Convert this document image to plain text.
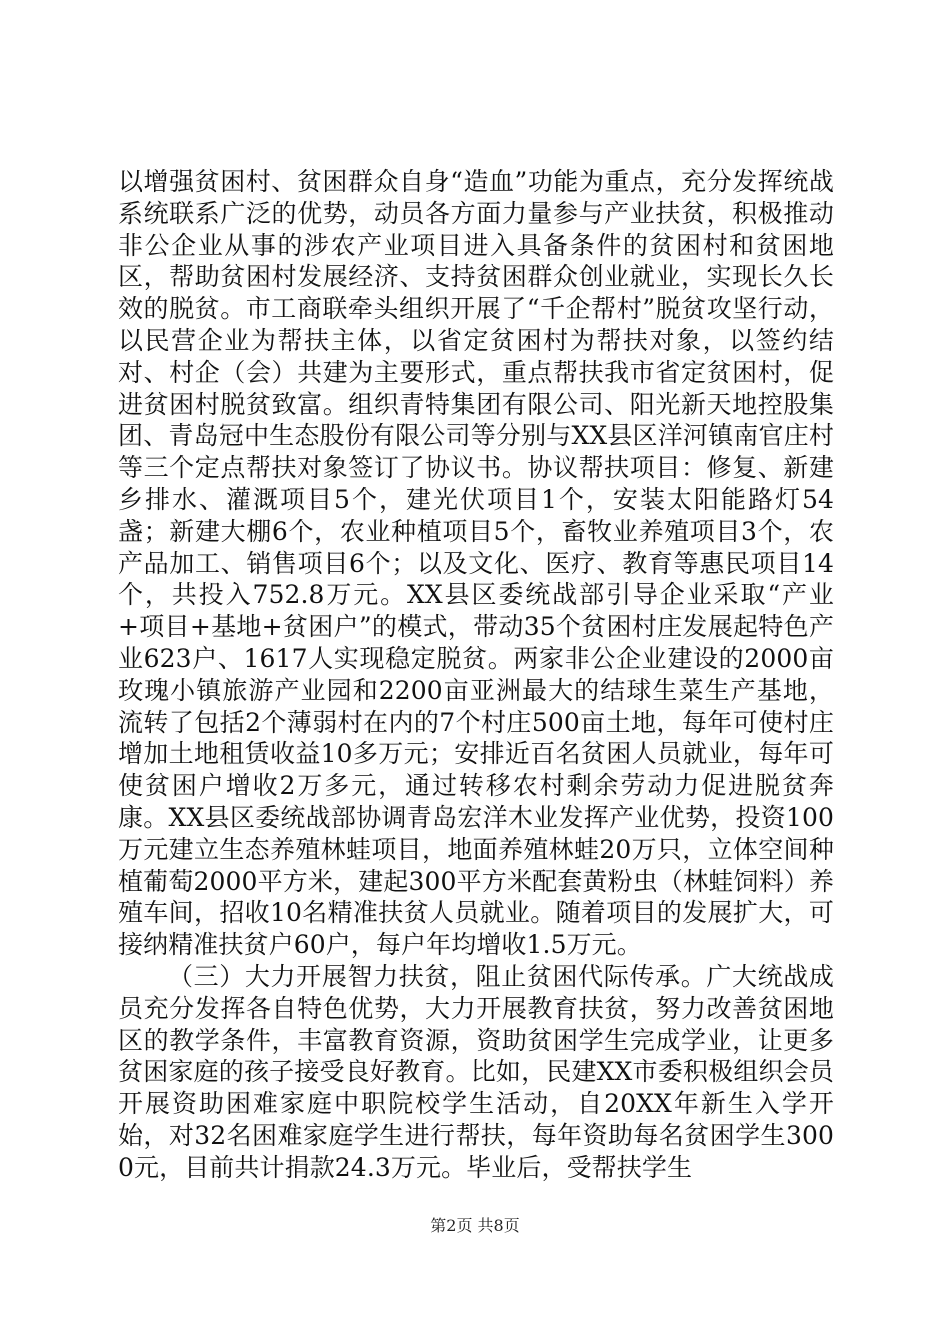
以增强贫困村、贫困群众自身“造血”功能为重点，充分发挥统战系统联系广泛的优势，动员各方面力量参与产业扶贫，积极推动非公企业从事的涉农产业项目进入具备条件的贫困村和贫困地区，帮助贫困村发展经济、支持贫困群众创业就业，实现长久长效的脱贫。市工商联牵头组织开展了“千企帮村”脱贫攻坚行动，以民营企业为帮扶主体，以省定贫困村为帮扶对象，以签约结对、村企（会）共建为主要形式，重点帮扶我市省定贫困村，促进贫困村脱贫致富。组织青特集团有限公司、阳光新天地控股集团、青岛冠中生态股份有限公司等分别与XX县区洋河镇南官庄村等三个定点帮扶对象签订了协议书。协议帮扶项目：修复、新建乡排水、灌溉项目5个，建光伏项目1个，安装太阳能路灯54盏；新建大棚6个，农业种植项目5个，畜牧业养殖项目3个，农产品加工、销售项目6个；以及文化、医疗、教育等惠民项目14个，共投入752.8万元。XX县区委统战部引导企业采取“产业+项目+基地+贫困户”的模式，带动35个贫困村庄发展起特色产业623户、1617人实现稳定脱贫。两家非公企业建设的2000亩玫瑰小镇旅游产业园和2200亩亚洲最大的结球生菜生产基地，流转了包括2个薄弱村在内的7个村庄500亩土地，每年可使村庄增加土地租赁收益10多万元；安排近百名贫困人员就业，每年可使贫困户增收2万多元，通过转移农村剩余劳动力促进脱贫奔康。XX县区委统战部协调青岛宏洋木业发挥产业优势，投资100万元建立生态养殖林蛙项目，地面养殖林蛙20万只，立体空间种植葡萄2000平方米，建起300平方米配套黄粉虫（林蛙饲料）养殖车间，招收10名精准扶贫人员就业。随着项目的发展扩大，可接纳精准扶贫户60户，每户年均增收1.5万元。

（三）大力开展智力扶贫，阻止贫困代际传承。广大统战成员充分发挥各自特色优势，大力开展教育扶贫，努力改善贫困地区的教学条件，丰富教育资源，资助贫困学生完成学业，让更多贫困家庭的孩子接受良好教育。比如，民建XX市委积极组织会员开展资助困难家庭中职院校学生活动，自20XX年新生入学开始，对32名困难家庭学生进行帮扶，每年资助每名贫困学生3000元，目前共计捐款24.3万元。毕业后，受帮扶学生

第2页 共8页
